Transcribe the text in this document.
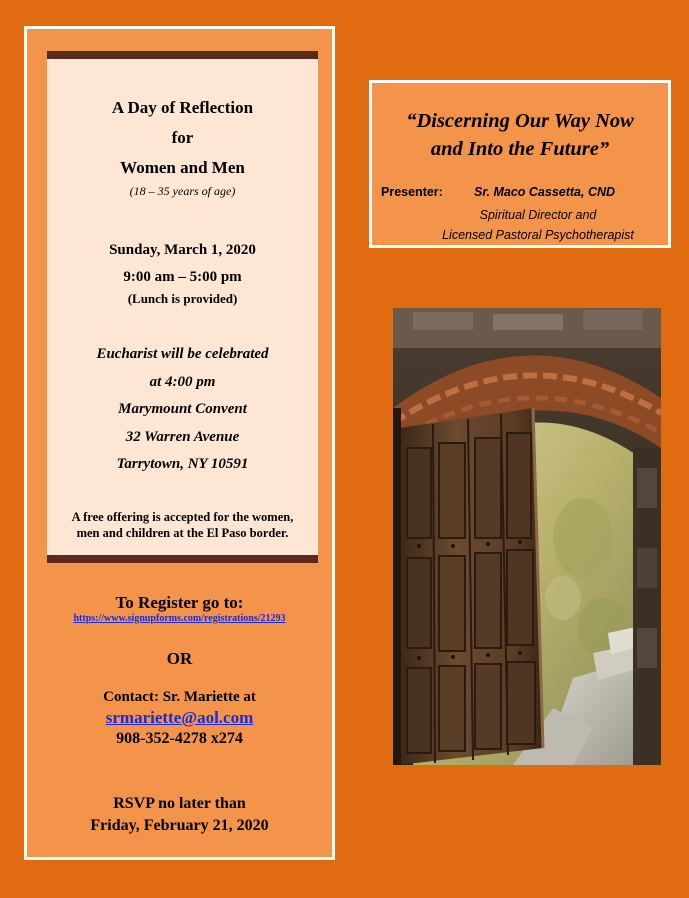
A Day of Reflection
for
Women and Men
(18 – 35 years of age)
Sunday, March 1, 2020
9:00 am – 5:00 pm
(Lunch is provided)
Eucharist will be celebrated
at 4:00 pm
Marymount Convent
32 Warren Avenue
Tarrytown, NY 10591
A free offering is accepted for the women,
men and children at the El Paso border.
To Register go to:
https://www.signupforms.com/registrations/21293
OR
Contact: Sr. Mariette at
srmariette@aol.com
908-352-4278 x274
RSVP no later than
Friday, February 21, 2020
“Discerning Our Way Now
and Into the Future”
Presenter: Sr. Maco Cassetta, CND
Spiritual Director and
Licensed Pastoral Psychotherapist
